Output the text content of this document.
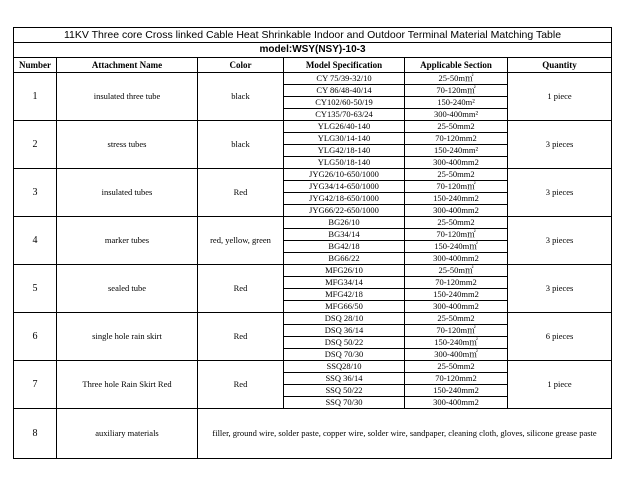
11KV Three core Cross linked Cable Heat Shrinkable Indoor and Outdoor Terminal Material Matching Table					
model:WSY(NSY)-10-3					
Number	Attachment Name	Color	Model Specification	Applicable Section	Quantity
1	insulated three tube	black	CY 75/39-32/10	25-50m㎡	1 piece
			CY 86/48-40/14	70-120m㎡	
			CY102/60-50/19	150-240m²	
			CY135/70-63/24	300-400mm²	
2	stress tubes	black	YLG26/40-140	25-50mm2	3 pieces
			YLG30/14-140	70-120mm2	
			YLG42/18-140	150-240mm²	
			YLG50/18-140	300-400mm2	
3	insulated tubes	Red	JYG26/10-650/1000	25-50mm2	3 pieces
			JYG34/14-650/1000	70-120m㎡	
			JYG42/18-650/1000	150-240mm2	
			JYG66/22-650/1000	300-400mm2	
4	marker tubes	red, yellow, green	BG26/10	25-50mm2	3 pieces
			BG34/14	70-120m㎡	
			BG42/18	150-240m㎡	
			BG66/22	300-400mm2	
5	sealed tube	Red	MFG26/10	25-50m㎡	3 pieces
			MFG34/14	70-120mm2	
			MFG42/18	150-240mm2	
			MFG66/50	300-400mm2	
6	single hole rain skirt	Red	DSQ 28/10	25-50mm2	6 pieces
			DSQ 36/14	70-120m㎡	
			DSQ 50/22	150-240m㎡	
			DSQ 70/30	300-400m㎡	
7	Three hole Rain Skirt Red	Red	SSQ28/10	25-50mm2	1 piece
			SSQ 36/14	70-120mm2	
			SSQ 50/22	150-240mm2	
			SSQ 70/30	300-400mm2	
8	auxiliary materials	filler, ground wire, solder paste, copper wire, solder wire, sandpaper, cleaning cloth, gloves, silicone grease paste			
